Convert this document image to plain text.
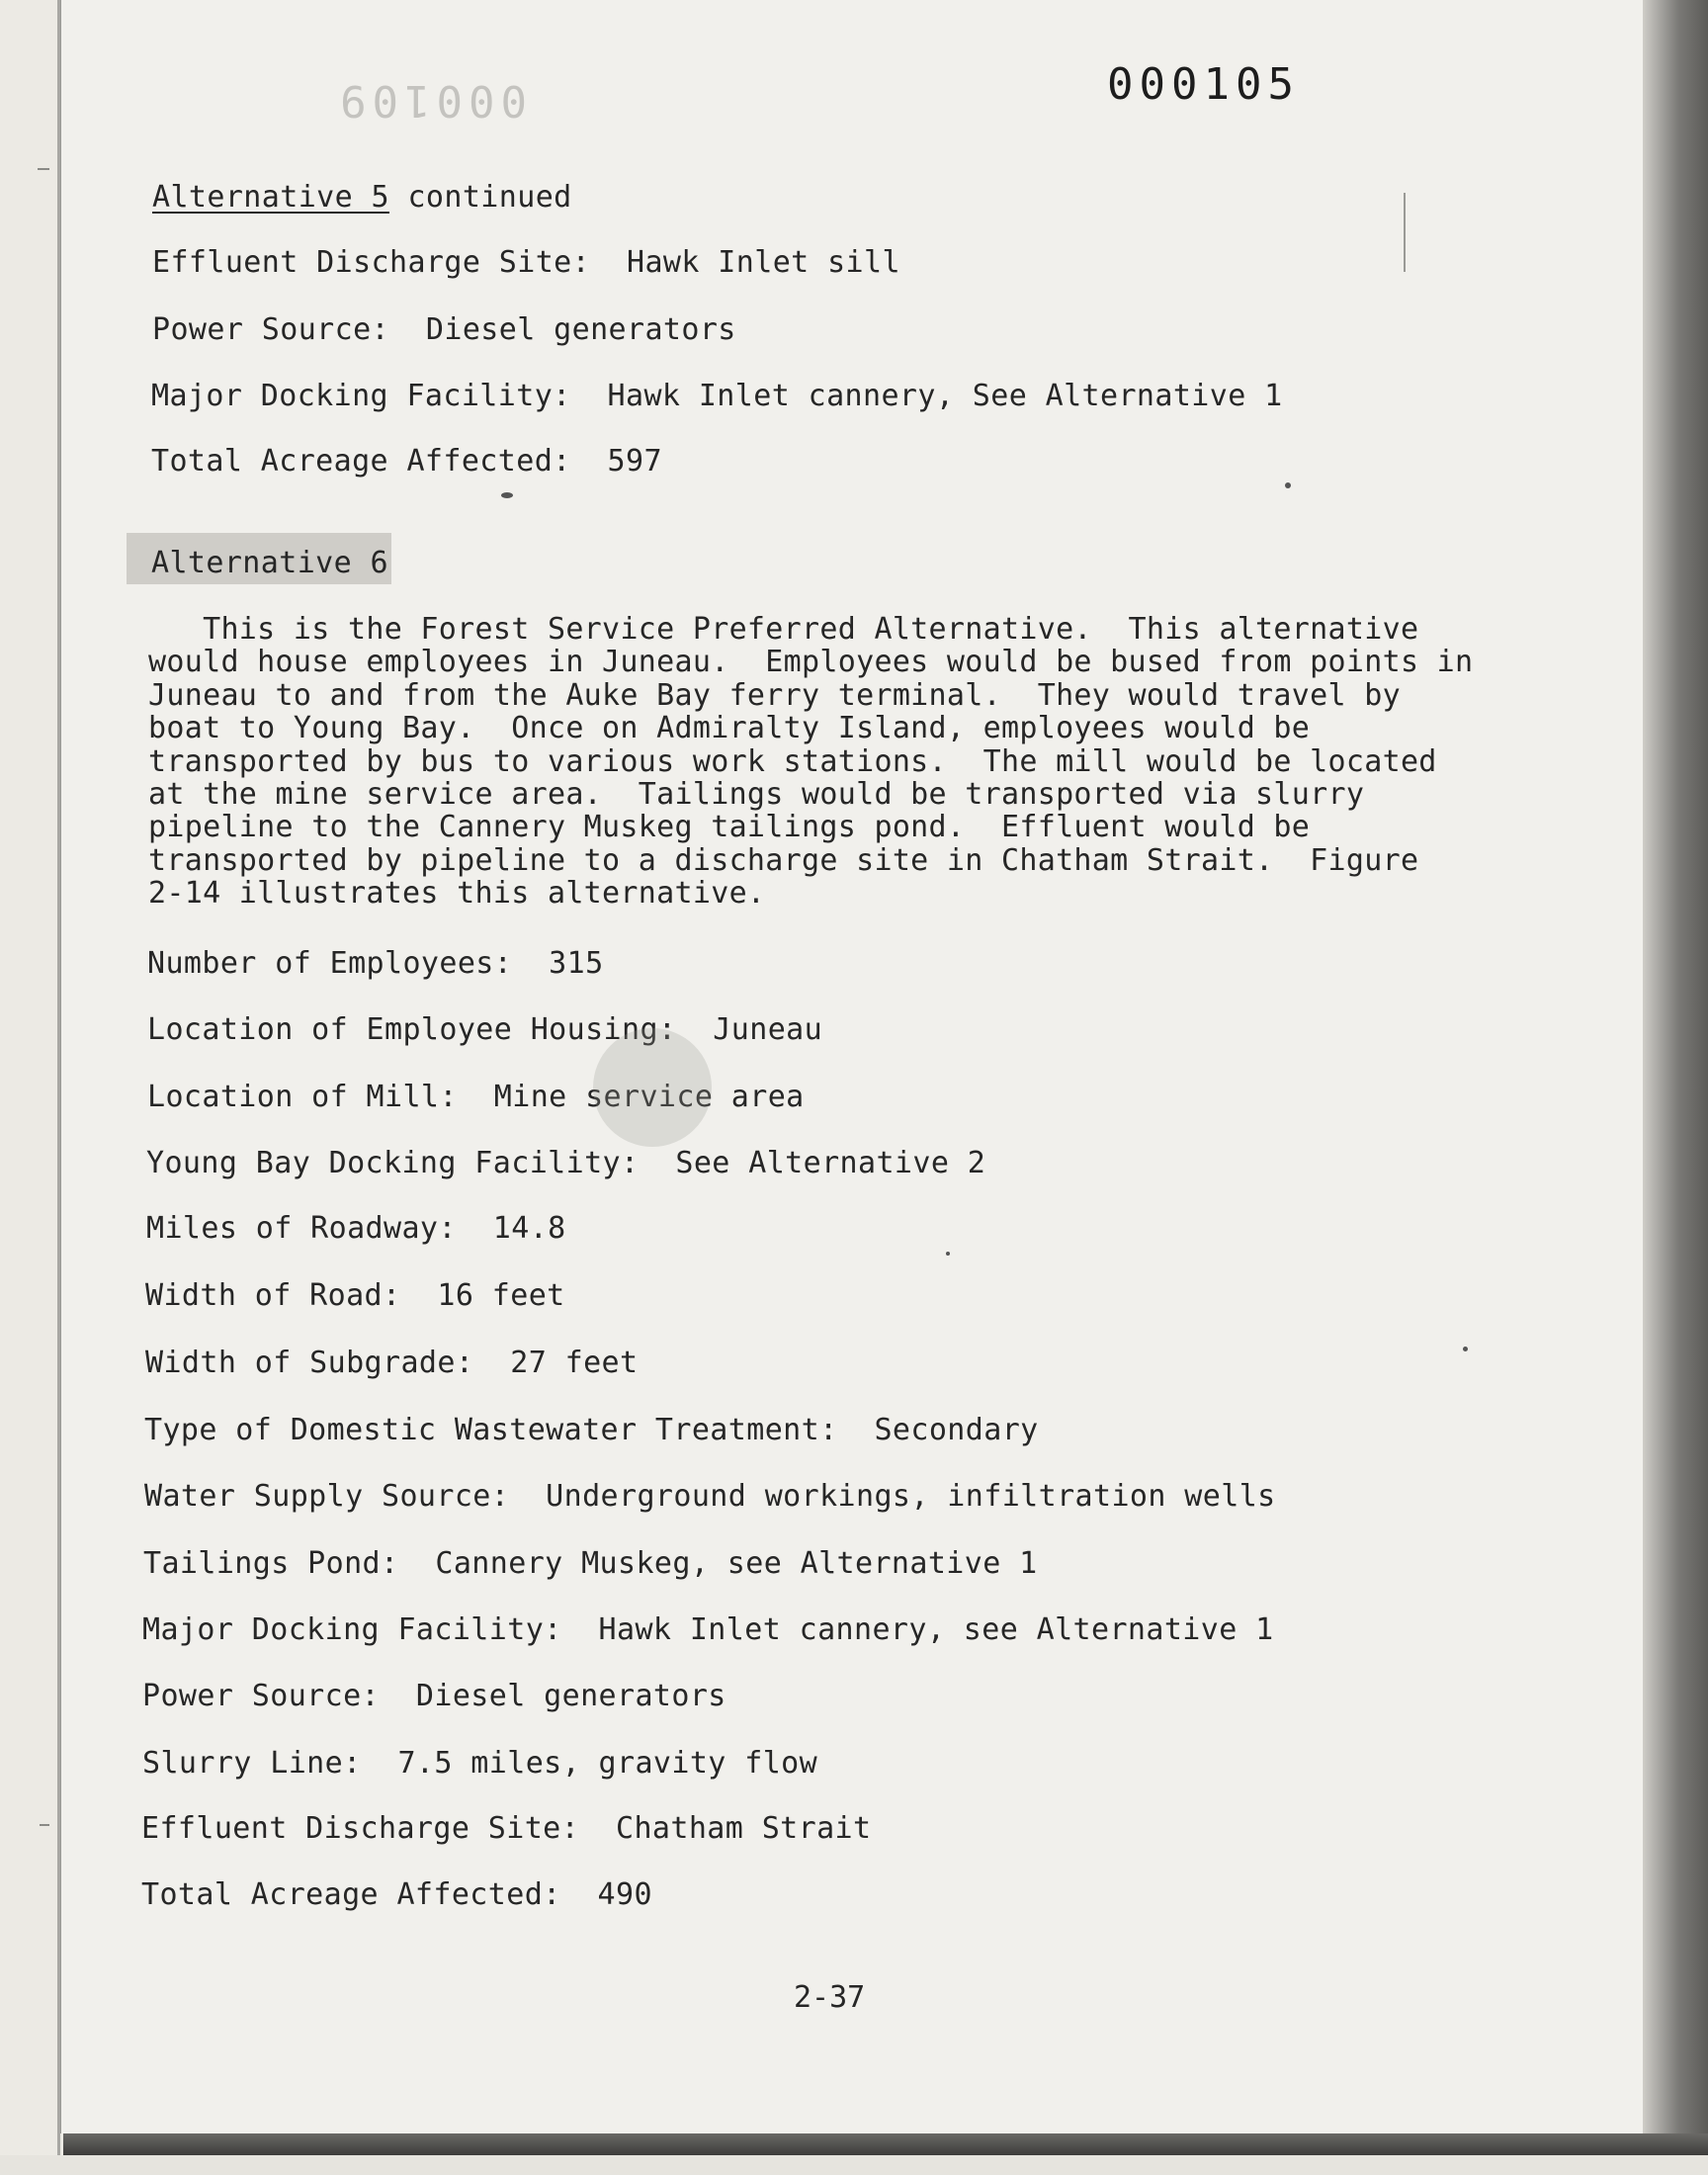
000109	000105
Alternative 5 continued
Effluent Discharge Site:  Hawk Inlet sill
Power Source:  Diesel generators
Major Docking Facility:  Hawk Inlet cannery, See Alternative 1
Total Acreage Affected:  597
Alternative 6
This is the Forest Service Preferred Alternative.  This alternative
would house employees in Juneau.  Employees would be bused from points in
Juneau to and from the Auke Bay ferry terminal.  They would travel by
boat to Young Bay.  Once on Admiralty Island, employees would be
transported by bus to various work stations.  The mill would be located
at the mine service area.  Tailings would be transported via slurry
pipeline to the Cannery Muskeg tailings pond.  Effluent would be
transported by pipeline to a discharge site in Chatham Strait.  Figure
2-14 illustrates this alternative.
Number of Employees:  315
Location of Employee Housing:  Juneau
Location of Mill:  Mine service area
Young Bay Docking Facility:  See Alternative 2
Miles of Roadway:  14.8
Width of Road:  16 feet
Width of Subgrade:  27 feet
Type of Domestic Wastewater Treatment:  Secondary
Water Supply Source:  Underground workings, infiltration wells
Tailings Pond:  Cannery Muskeg, see Alternative 1
Major Docking Facility:  Hawk Inlet cannery, see Alternative 1
Power Source:  Diesel generators
Slurry Line:  7.5 miles, gravity flow
Effluent Discharge Site:  Chatham Strait
Total Acreage Affected:  490
2-37
